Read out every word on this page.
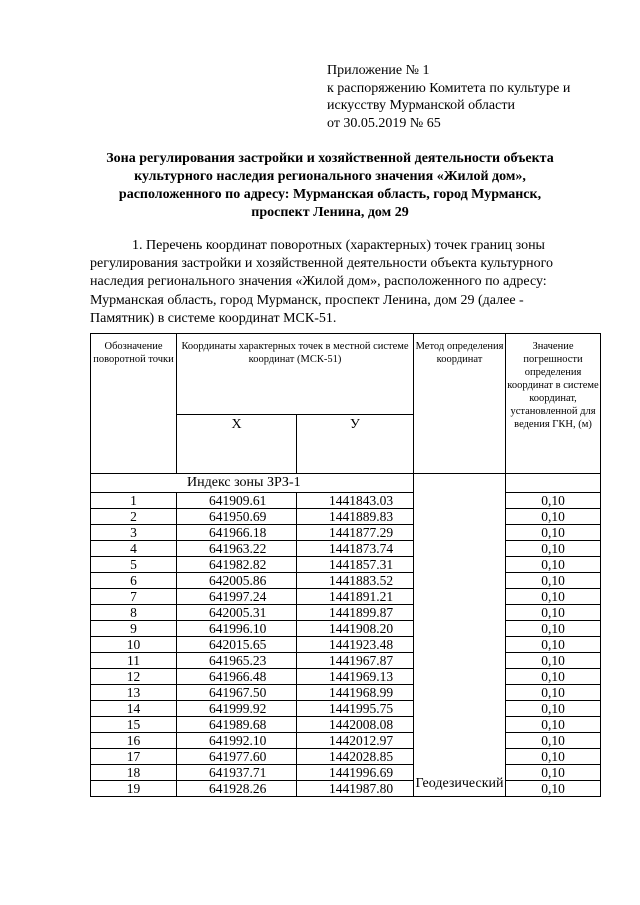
Приложение № 1
к распоряжению Комитета по культуре и
искусству Мурманской области
от 30.05.2019 № 65
Зона регулирования застройки и хозяйственной деятельности объекта
культурного наследия регионального значения «Жилой дом»,
расположенного по адресу: Мурманская область, город Мурманск,
проспект Ленина, дом 29
1. Перечень координат поворотных (характерных) точек границ зоны
регулирования застройки и хозяйственной деятельности объекта культурного
наследия регионального значения «Жилой дом», расположенного по адресу:
Мурманская область, город Мурманск, проспект Ленина, дом 29 (далее -
Памятник) в системе координат МСК-51.
Обозначение поворотной точки	Координаты характерных точек в местной системе координат (МСК-51)		Метод определения координат	Значение погрешности определения координат в системе координат, установленной для ведения ГКН, (м)
	Х	У		
Индекс зоны ЗРЗ-1			Геодезический	
1	641909.61	1441843.03		0,10
2	641950.69	1441889.83		0,10
3	641966.18	1441877.29		0,10
4	641963.22	1441873.74		0,10
5	641982.82	1441857.31		0,10
6	642005.86	1441883.52		0,10
7	641997.24	1441891.21		0,10
8	642005.31	1441899.87		0,10
9	641996.10	1441908.20		0,10
10	642015.65	1441923.48		0,10
11	641965.23	1441967.87		0,10
12	641966.48	1441969.13		0,10
13	641967.50	1441968.99		0,10
14	641999.92	1441995.75		0,10
15	641989.68	1442008.08		0,10
16	641992.10	1442012.97		0,10
17	641977.60	1442028.85		0,10
18	641937.71	1441996.69		0,10
19	641928.26	1441987.80		0,10
